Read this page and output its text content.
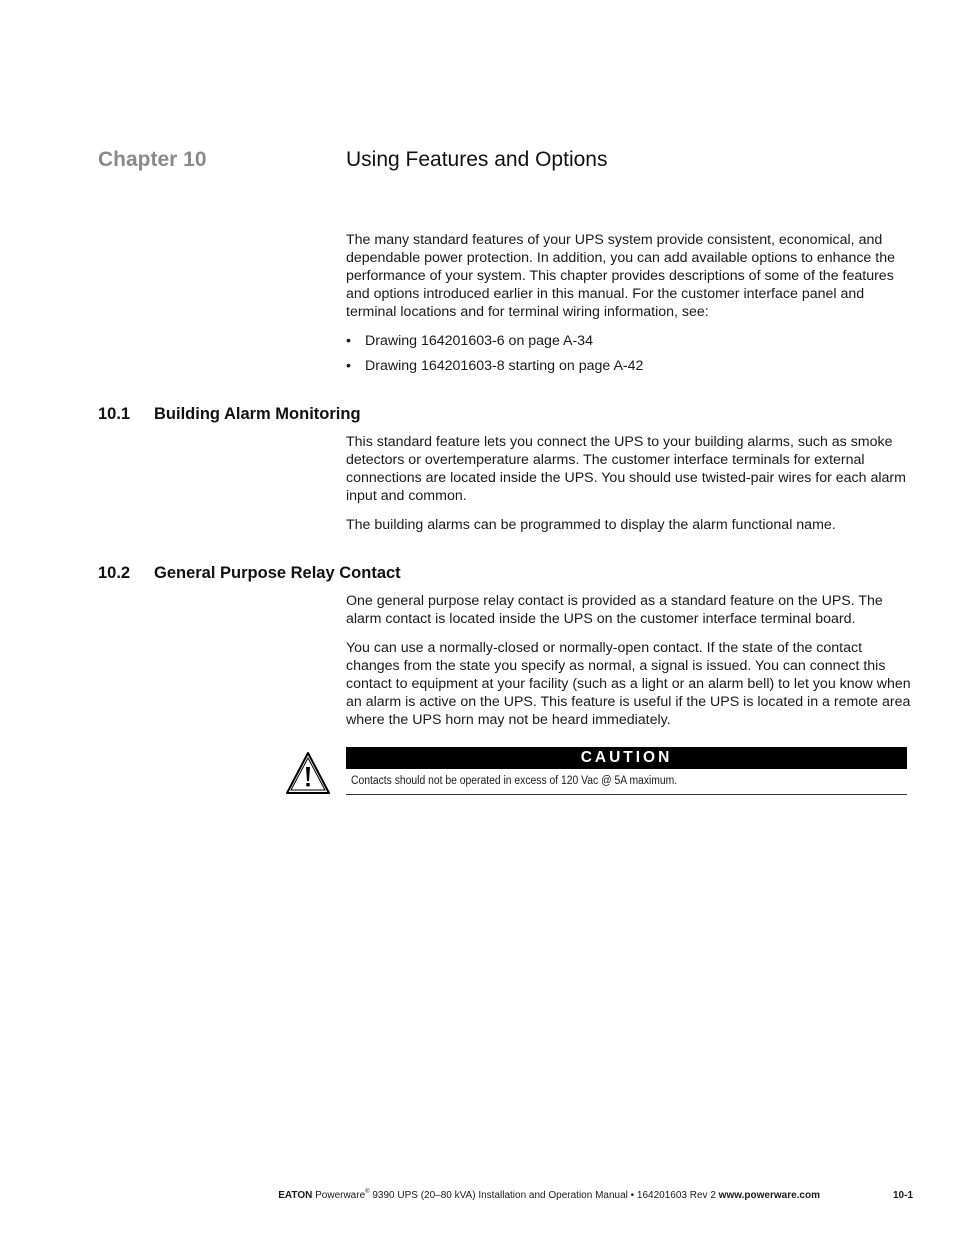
Chapter 10	Using Features and Options
The many standard features of your UPS system provide consistent, economical, and dependable power protection. In addition, you can add available options to enhance the performance of your system. This chapter provides descriptions of some of the features and options introduced earlier in this manual. For the customer interface panel and terminal locations and for terminal wiring information, see:
• Drawing 164201603-6 on page A-34
• Drawing 164201603-8 starting on page A-42
10.1 Building Alarm Monitoring
This standard feature lets you connect the UPS to your building alarms, such as smoke detectors or overtemperature alarms. The customer interface terminals for external connections are located inside the UPS. You should use twisted-pair wires for each alarm input and common.
The building alarms can be programmed to display the alarm functional name.
10.2 General Purpose Relay Contact
One general purpose relay contact is provided as a standard feature on the UPS. The alarm contact is located inside the UPS on the customer interface terminal board.
You can use a normally-closed or normally-open contact. If the state of the contact changes from the state you specify as normal, a signal is issued. You can connect this contact to equipment at your facility (such as a light or an alarm bell) to let you know when an alarm is active on the UPS. This feature is useful if the UPS is located in a remote area where the UPS horn may not be heard immediately.
CAUTION
Contacts should not be operated in excess of 120 Vac @ 5A maximum.
EATON Powerware® 9390 UPS (20–80 kVA) Installation and Operation Manual • 164201603 Rev 2 www.powerware.com	10-1
